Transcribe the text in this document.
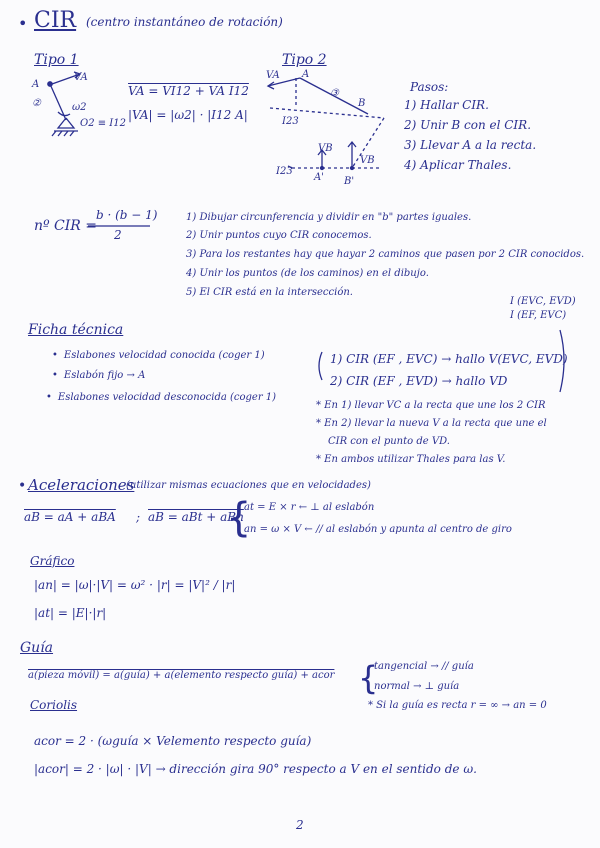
• CIR (centro instantáneo de rotación)
Tipo 1
A
VA
②	ω2
O2 ≡ I12
VA = VI12 + VA I12
|VA| = |ω2| · |I12 A|
Tipo 2
VA A
③
B
I23
VB
VB
I23
A' B'
Pasos:
1) Hallar CIR.
2) Unir B con el CIR.
3) Llevar A a la recta.
4) Aplicar Thales.
nº CIR =
b · (b − 1)
2
1) Dibujar circunferencia y dividir en "b" partes iguales.
2) Unir puntos cuyo CIR conocemos.
3) Para los restantes hay que hayar 2 caminos que pasen por 2 CIR conocidos.
4) Unir los puntos (de los caminos) en el dibujo.
5) El CIR está en la intersección.
Ficha técnica
I (EVC, EVD)
I (EF, EVC)
• Eslabones velocidad conocida (coger 1)
• Eslabón fijo → A
• Eslabones velocidad desconocida (coger 1)
1) CIR (EF , EVC) → hallo V(EVC, EVD)
2) CIR (EF , EVD) → hallo VD
* En 1) llevar VC a la recta que une los 2 CIR
* En 2) llevar la nueva V a la recta que une el
CIR con el punto de VD.
* En ambos utilizar Thales para las V.
• Aceleraciones
(utilizar mismas ecuaciones que en velocidades)
aB = aA + aBA ; aB = aBt + aBn
{
at = E × r ← ⊥ al eslabón
an = ω × V ← // al eslabón y apunta al centro de giro
Gráfico
|an| = |ω|·|V| = ω² · |r| = |V|² / |r|
|at| = |E|·|r|
Guía
a(pieza móvil) = a(guía) + a(elemento respecto guía) + acor {
tangencial → // guía
normal → ⊥ guía
* Si la guía es recta r = ∞ → an = 0
Coriolis
acor = 2 · (ωguía × Velemento respecto guía)
|acor| = 2 · |ω| · |V| → dirección gira 90° respecto a V en el sentido de ω.
2
